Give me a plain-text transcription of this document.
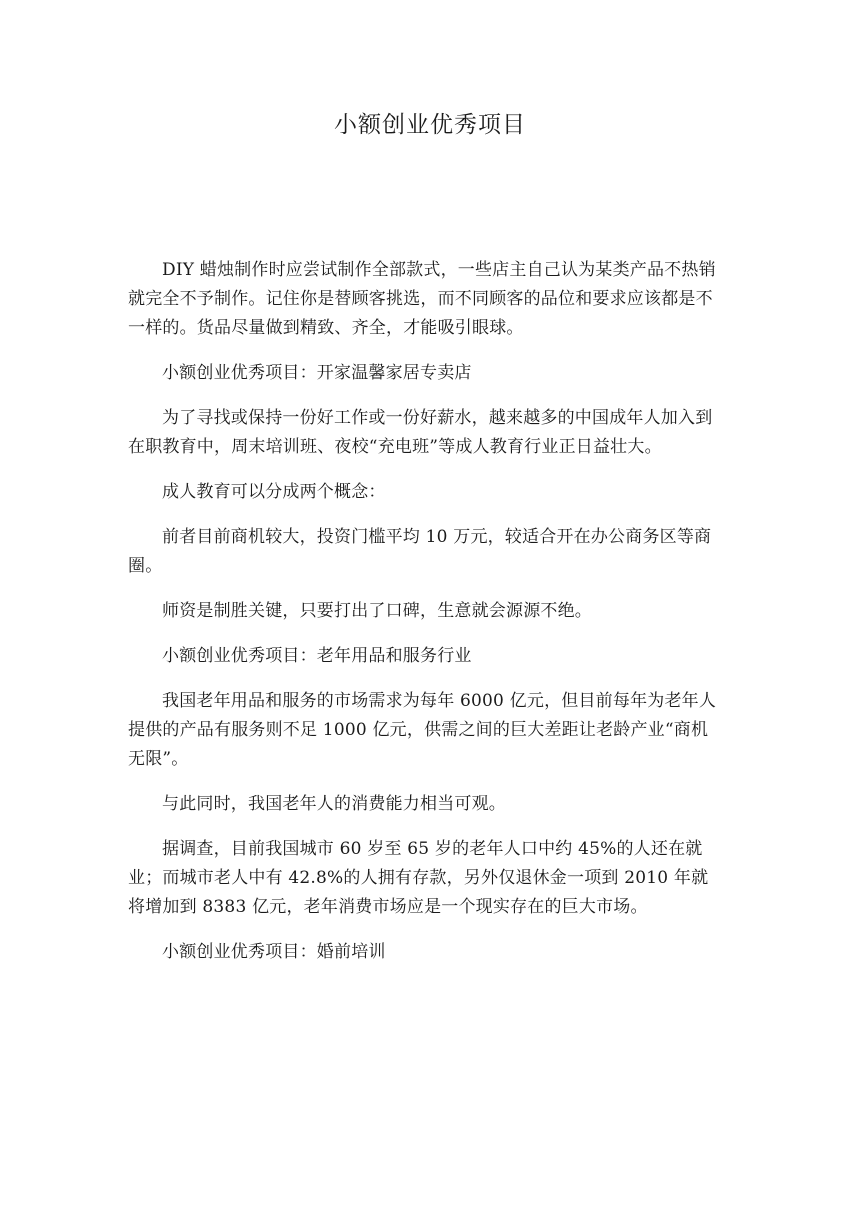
小额创业优秀项目

DIY 蜡烛制作时应尝试制作全部款式，一些店主自己认为某类产品不热销就完全不予制作。记住你是替顾客挑选，而不同顾客的品位和要求应该都是不一样的。货品尽量做到精致、齐全，才能吸引眼球。

小额创业优秀项目：开家温馨家居专卖店

为了寻找或保持一份好工作或一份好薪水，越来越多的中国成年人加入到在职教育中，周末培训班、夜校“充电班”等成人教育行业正日益壮大。

成人教育可以分成两个概念：

前者目前商机较大，投资门槛平均 10 万元，较适合开在办公商务区等商圈。

师资是制胜关键，只要打出了口碑，生意就会源源不绝。

小额创业优秀项目：老年用品和服务行业

我国老年用品和服务的市场需求为每年 6000 亿元，但目前每年为老年人提供的产品有服务则不足 1000 亿元，供需之间的巨大差距让老龄产业“商机无限”。

与此同时，我国老年人的消费能力相当可观。

据调查，目前我国城市 60 岁至 65 岁的老年人口中约 45%的人还在就业；而城市老人中有 42.8%的人拥有存款，另外仅退休金一项到 2010 年就将增加到 8383 亿元，老年消费市场应是一个现实存在的巨大市场。

小额创业优秀项目：婚前培训
